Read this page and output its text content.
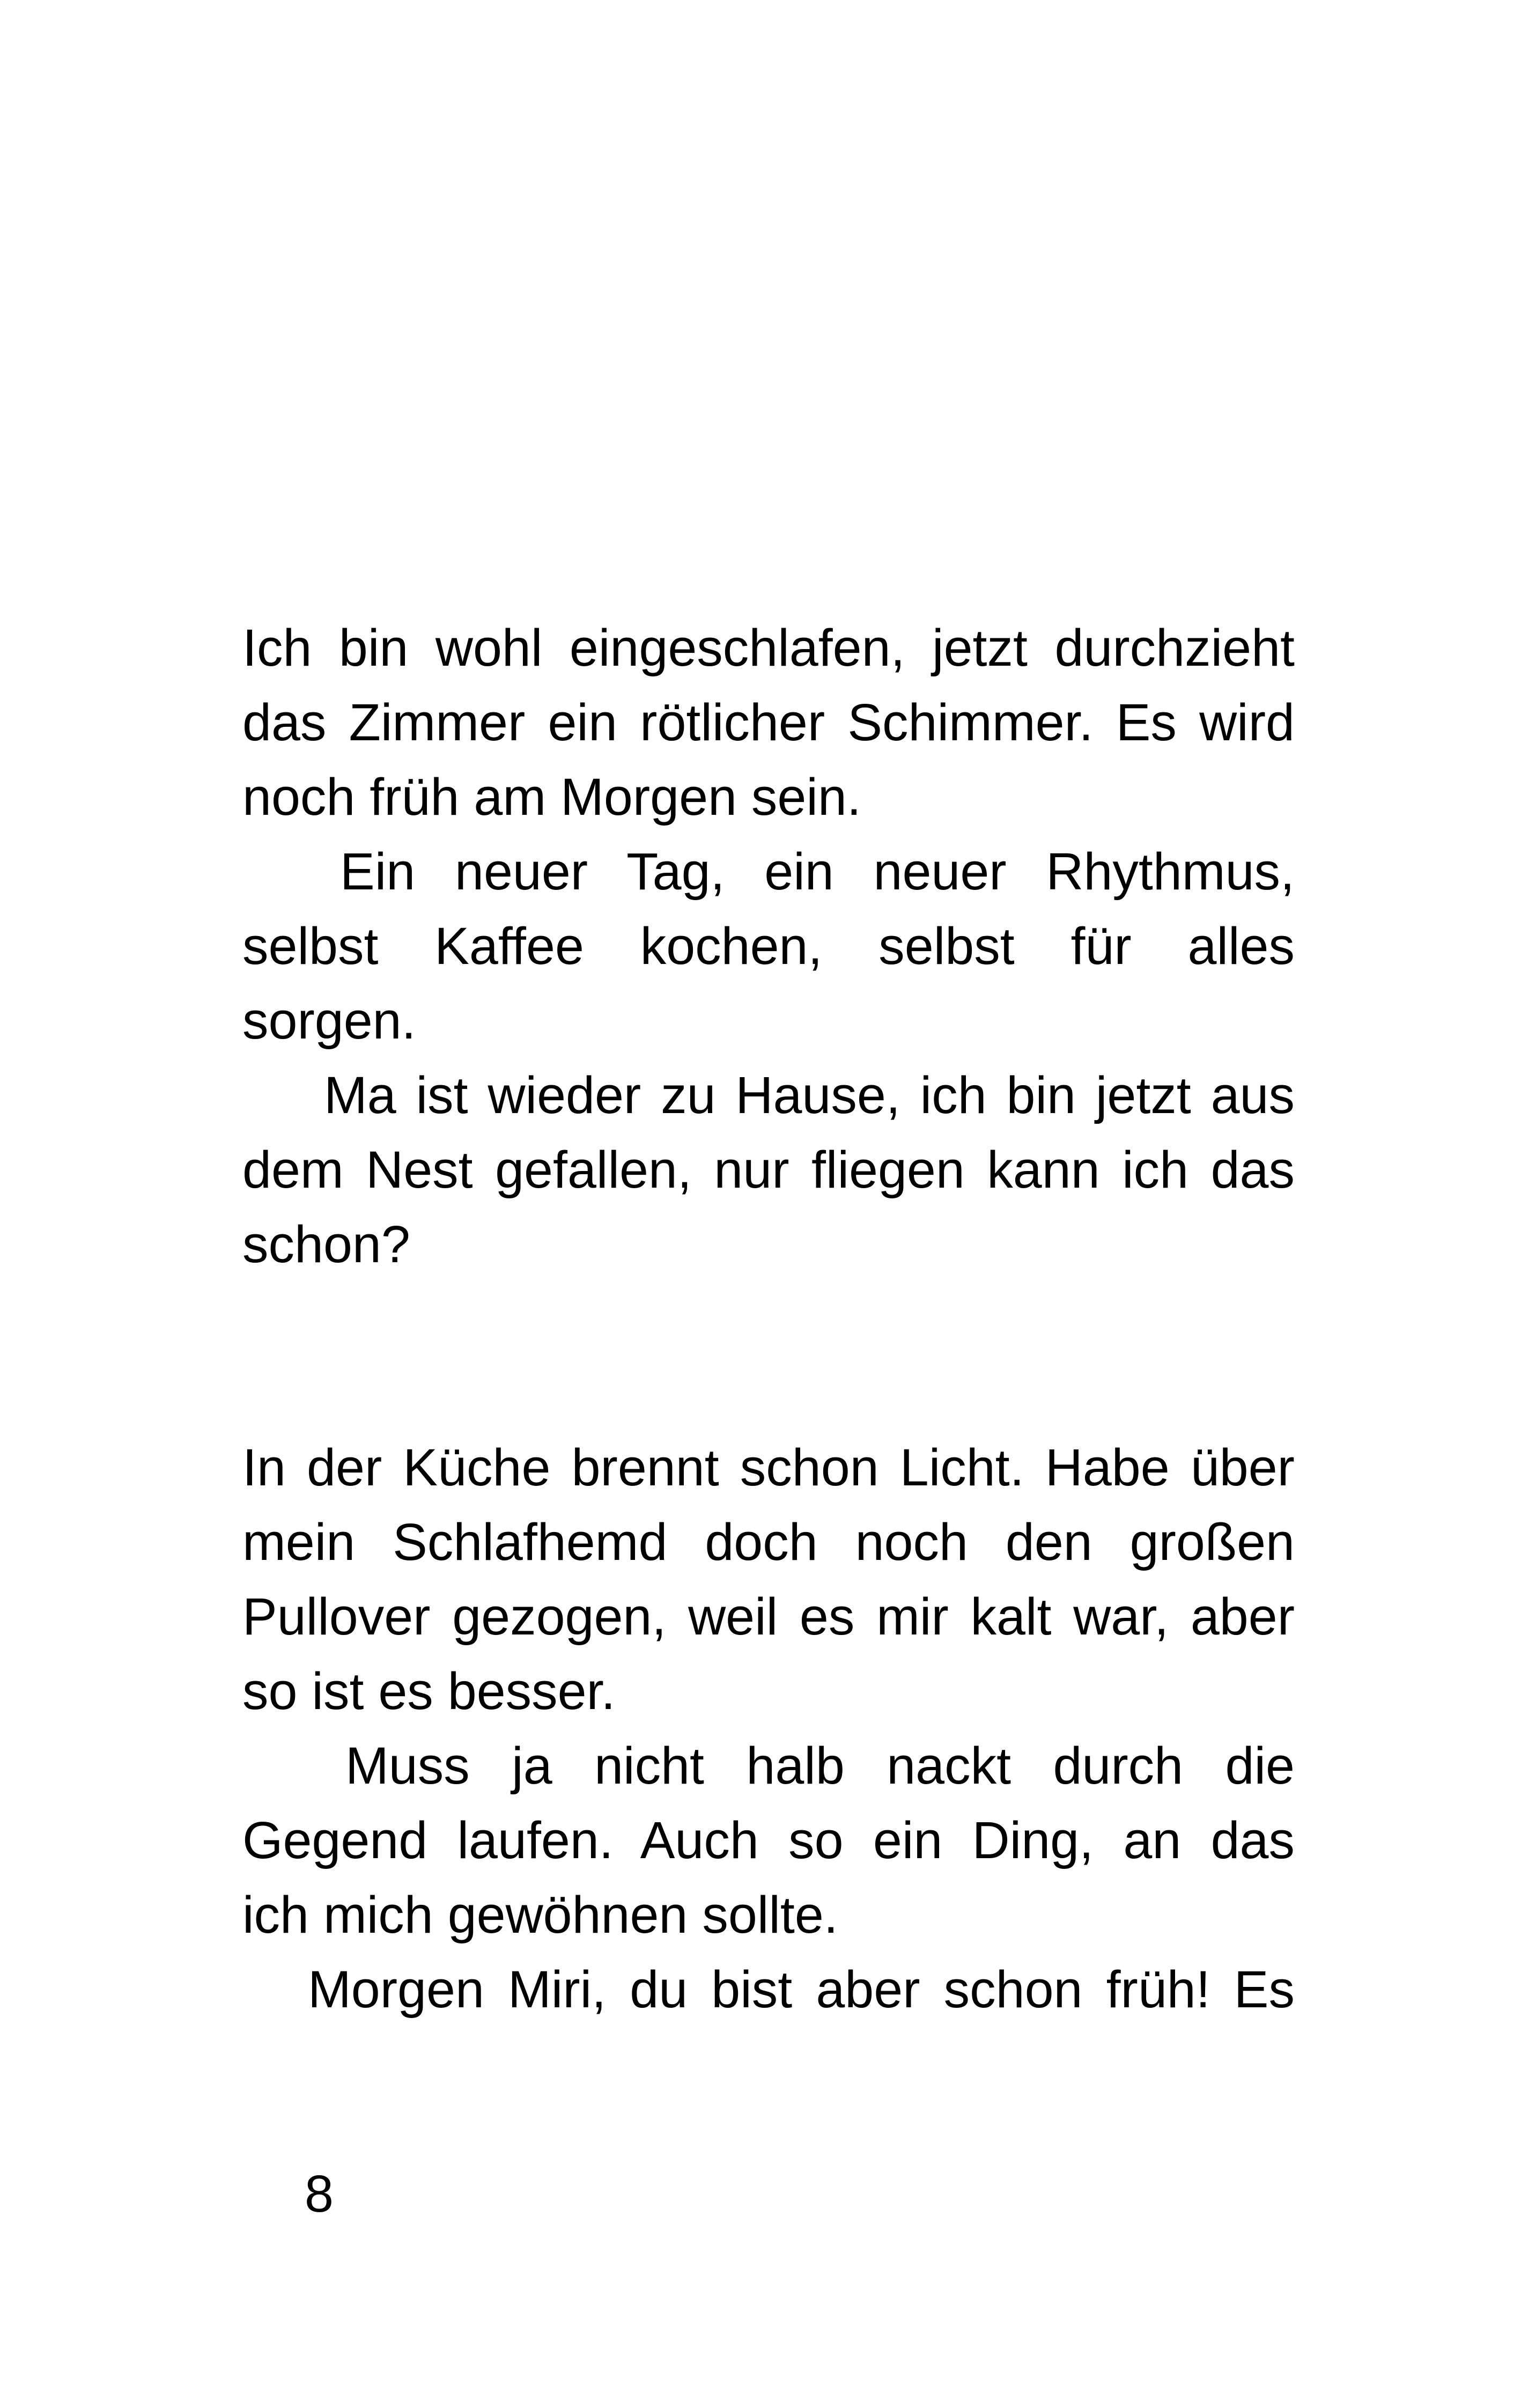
Ich bin wohl eingeschlafen, jetzt durchzieht
das Zimmer ein rötlicher Schimmer. Es wird
noch früh am Morgen sein.
Ein neuer Tag, ein neuer Rhythmus,
selbst Kaffee kochen, selbst für alles
sorgen.
Ma ist wieder zu Hause, ich bin jetzt aus
dem Nest gefallen, nur fliegen kann ich das
schon?
In der Küche brennt schon Licht. Habe über
mein Schlafhemd doch noch den großen
Pullover gezogen, weil es mir kalt war, aber
so ist es besser.
Muss ja nicht halb nackt durch die
Gegend laufen. Auch so ein Ding, an das
ich mich gewöhnen sollte.
Morgen Miri, du bist aber schon früh! Es
8
